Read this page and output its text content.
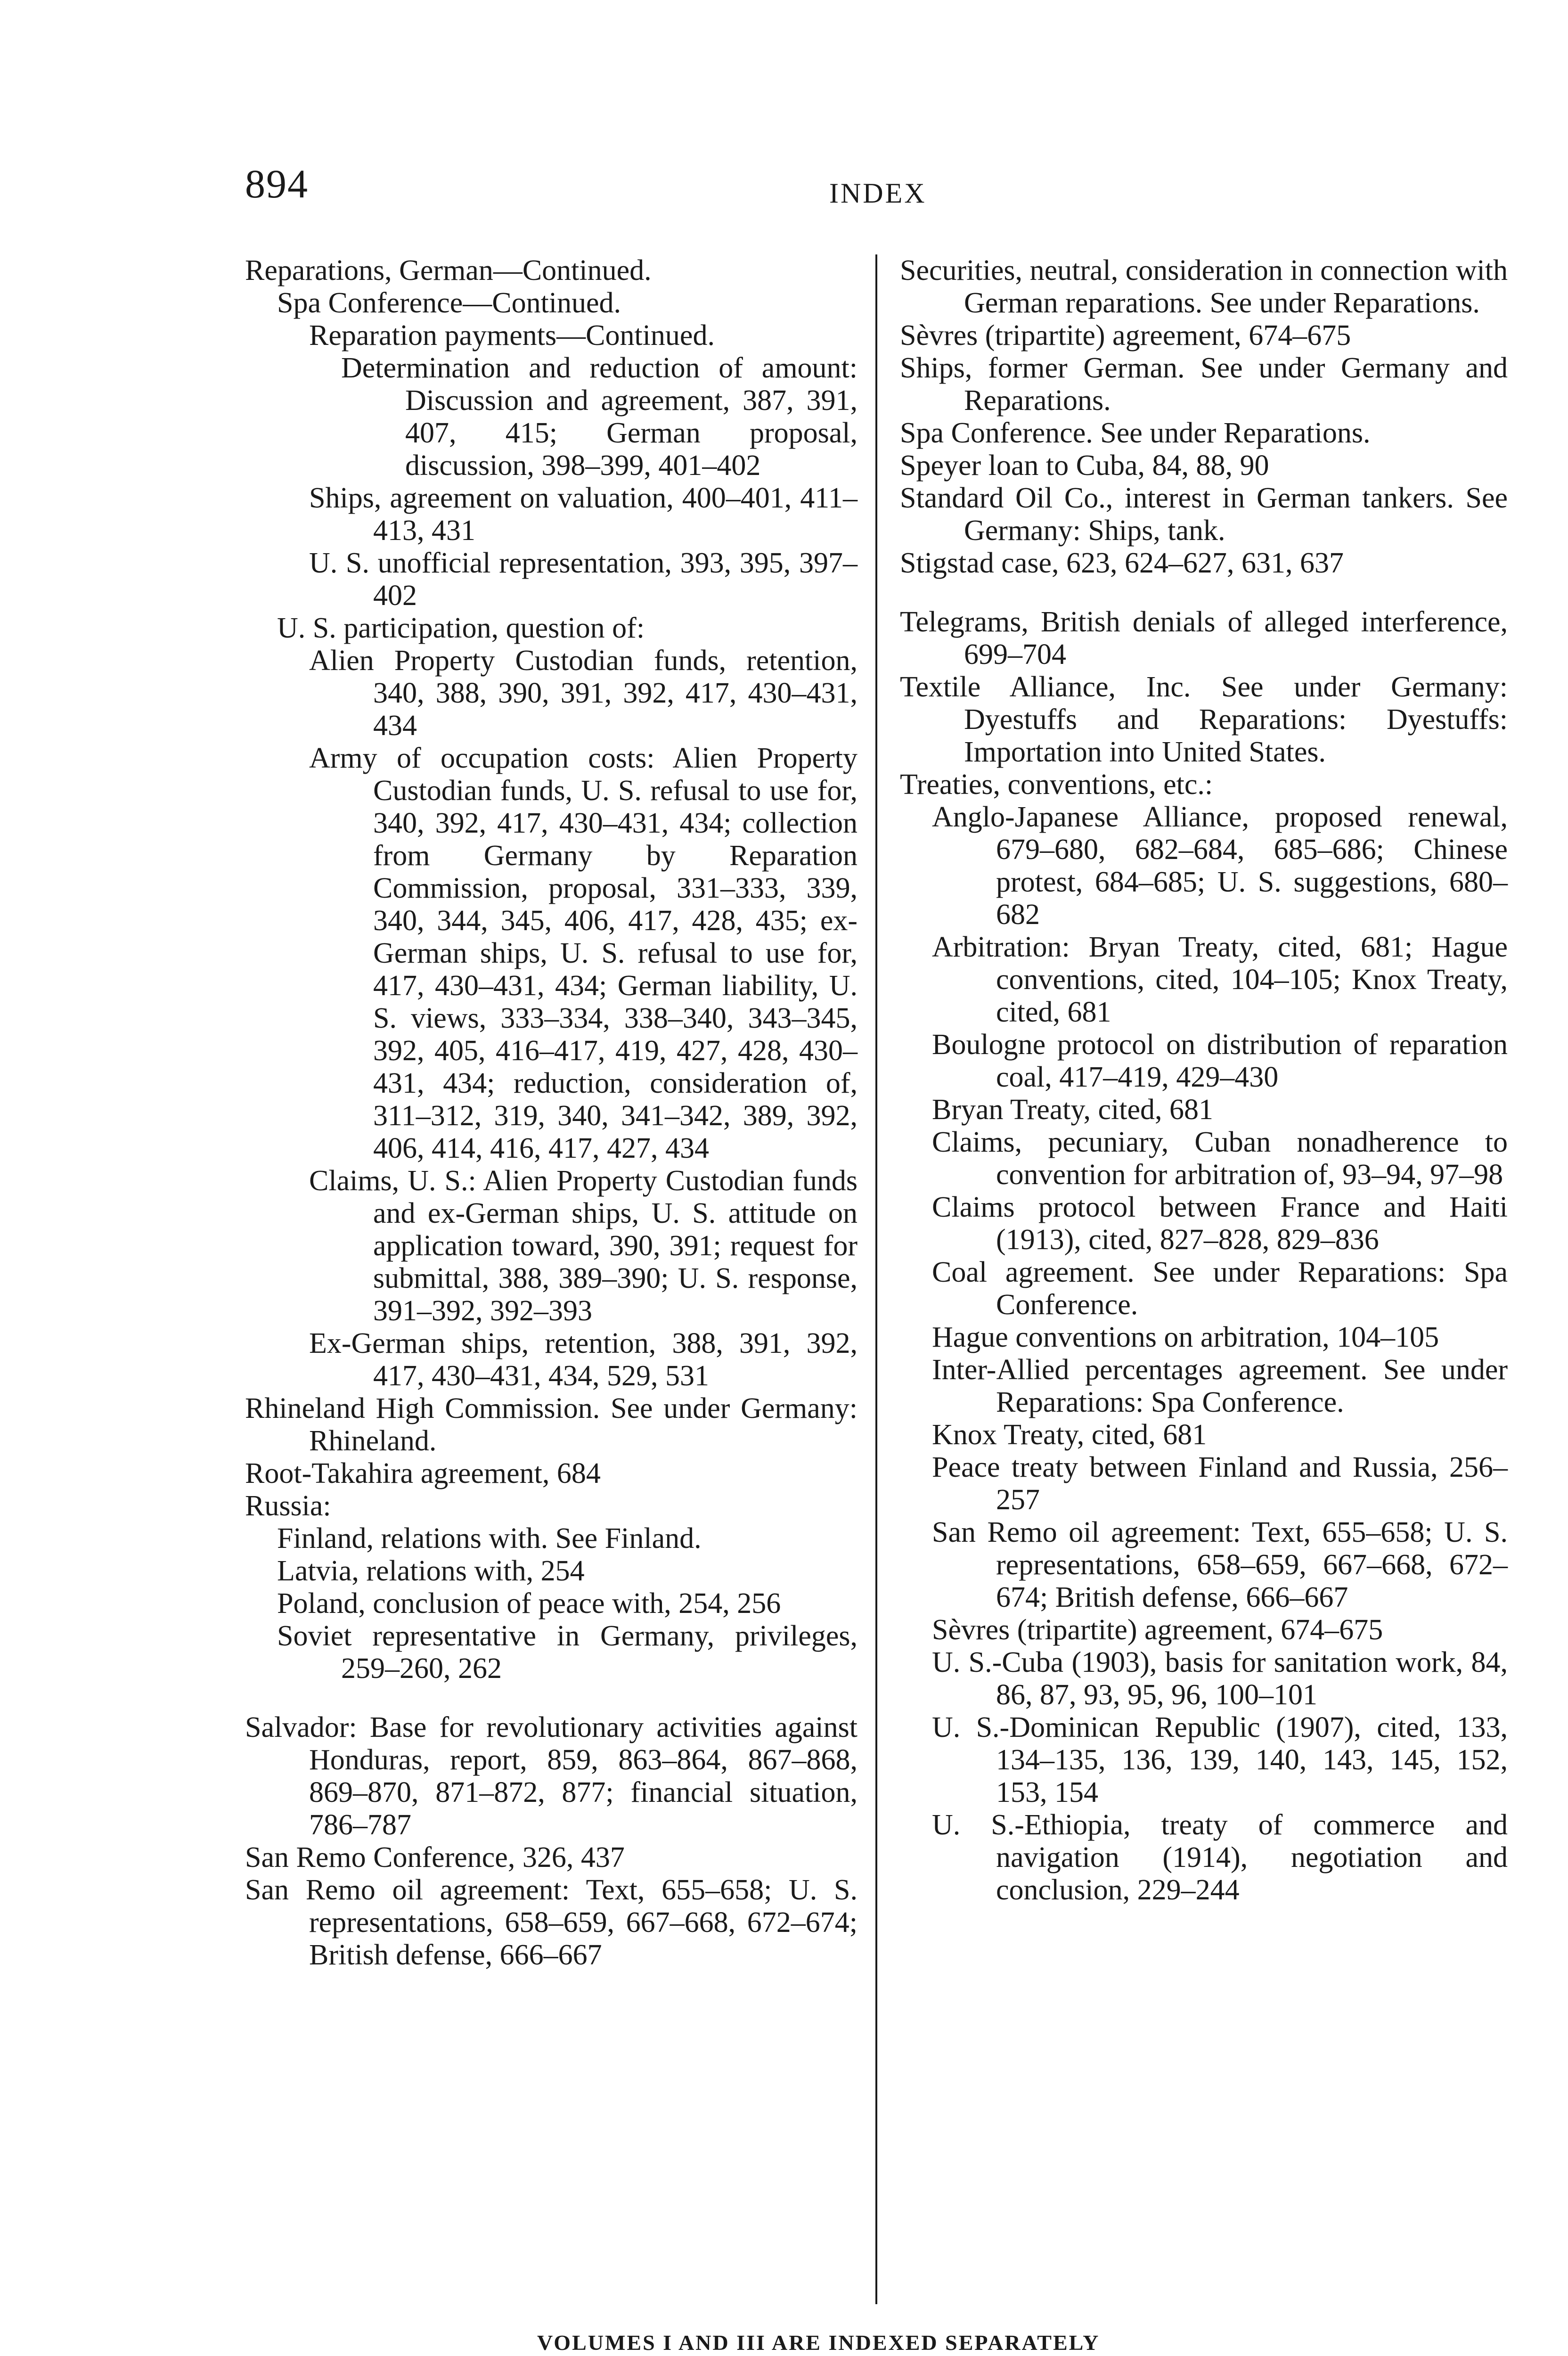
894	INDEX

Reparations, German—Continued.

Spa Conference—Continued.

Reparation payments—Continued.

Determination and reduction of amount: Discussion and agreement, 387, 391, 407, 415; German proposal, discussion, 398–399, 401–402

Ships, agreement on valuation, 400–401, 411–413, 431

U. S. unofficial representation, 393, 395, 397–402

U. S. participation, question of:

Alien Property Custodian funds, retention, 340, 388, 390, 391, 392, 417, 430–431, 434

Army of occupation costs: Alien Property Custodian funds, U. S. refusal to use for, 340, 392, 417, 430–431, 434; collection from Germany by Reparation Commission, proposal, 331–333, 339, 340, 344, 345, 406, 417, 428, 435; ex-German ships, U. S. refusal to use for, 417, 430–431, 434; German liability, U. S. views, 333–334, 338–340, 343–345, 392, 405, 416–417, 419, 427, 428, 430–431, 434; reduction, consideration of, 311–312, 319, 340, 341–342, 389, 392, 406, 414, 416, 417, 427, 434

Claims, U. S.: Alien Property Custodian funds and ex-German ships, U. S. attitude on application toward, 390, 391; request for submittal, 388, 389–390; U. S. response, 391–392, 392–393

Ex-German ships, retention, 388, 391, 392, 417, 430–431, 434, 529, 531

Rhineland High Commission. See under Germany: Rhineland.

Root-Takahira agreement, 684

Russia:

Finland, relations with. See Finland.

Latvia, relations with, 254

Poland, conclusion of peace with, 254, 256

Soviet representative in Germany, privileges, 259–260, 262

Salvador: Base for revolutionary activities against Honduras, report, 859, 863–864, 867–868, 869–870, 871–872, 877; financial situation, 786–787

San Remo Conference, 326, 437

San Remo oil agreement: Text, 655–658; U. S. representations, 658–659, 667–668, 672–674; British defense, 666–667

Securities, neutral, consideration in connection with German reparations. See under Reparations.

Sèvres (tripartite) agreement, 674–675

Ships, former German. See under Germany and Reparations.

Spa Conference. See under Reparations.

Speyer loan to Cuba, 84, 88, 90

Standard Oil Co., interest in German tankers. See Germany: Ships, tank.

Stigstad case, 623, 624–627, 631, 637

Telegrams, British denials of alleged interference, 699–704

Textile Alliance, Inc. See under Germany: Dyestuffs and Reparations: Dyestuffs: Importation into United States.

Treaties, conventions, etc.:

Anglo-Japanese Alliance, proposed renewal, 679–680, 682–684, 685–686; Chinese protest, 684–685; U. S. suggestions, 680–682

Arbitration: Bryan Treaty, cited, 681; Hague conventions, cited, 104–105; Knox Treaty, cited, 681

Boulogne protocol on distribution of reparation coal, 417–419, 429–430

Bryan Treaty, cited, 681

Claims, pecuniary, Cuban nonadherence to convention for arbitration of, 93–94, 97–98

Claims protocol between France and Haiti (1913), cited, 827–828, 829–836

Coal agreement. See under Reparations: Spa Conference.

Hague conventions on arbitration, 104–105

Inter-Allied percentages agreement. See under Reparations: Spa Conference.

Knox Treaty, cited, 681

Peace treaty between Finland and Russia, 256–257

San Remo oil agreement: Text, 655–658; U. S. representations, 658–659, 667–668, 672–674; British defense, 666–667

Sèvres (tripartite) agreement, 674–675

U. S.-Cuba (1903), basis for sanitation work, 84, 86, 87, 93, 95, 96, 100–101

U. S.-Dominican Republic (1907), cited, 133, 134–135, 136, 139, 140, 143, 145, 152, 153, 154

U. S.-Ethiopia, treaty of commerce and navigation (1914), negotiation and conclusion, 229–244

VOLUMES I AND III ARE INDEXED SEPARATELY
